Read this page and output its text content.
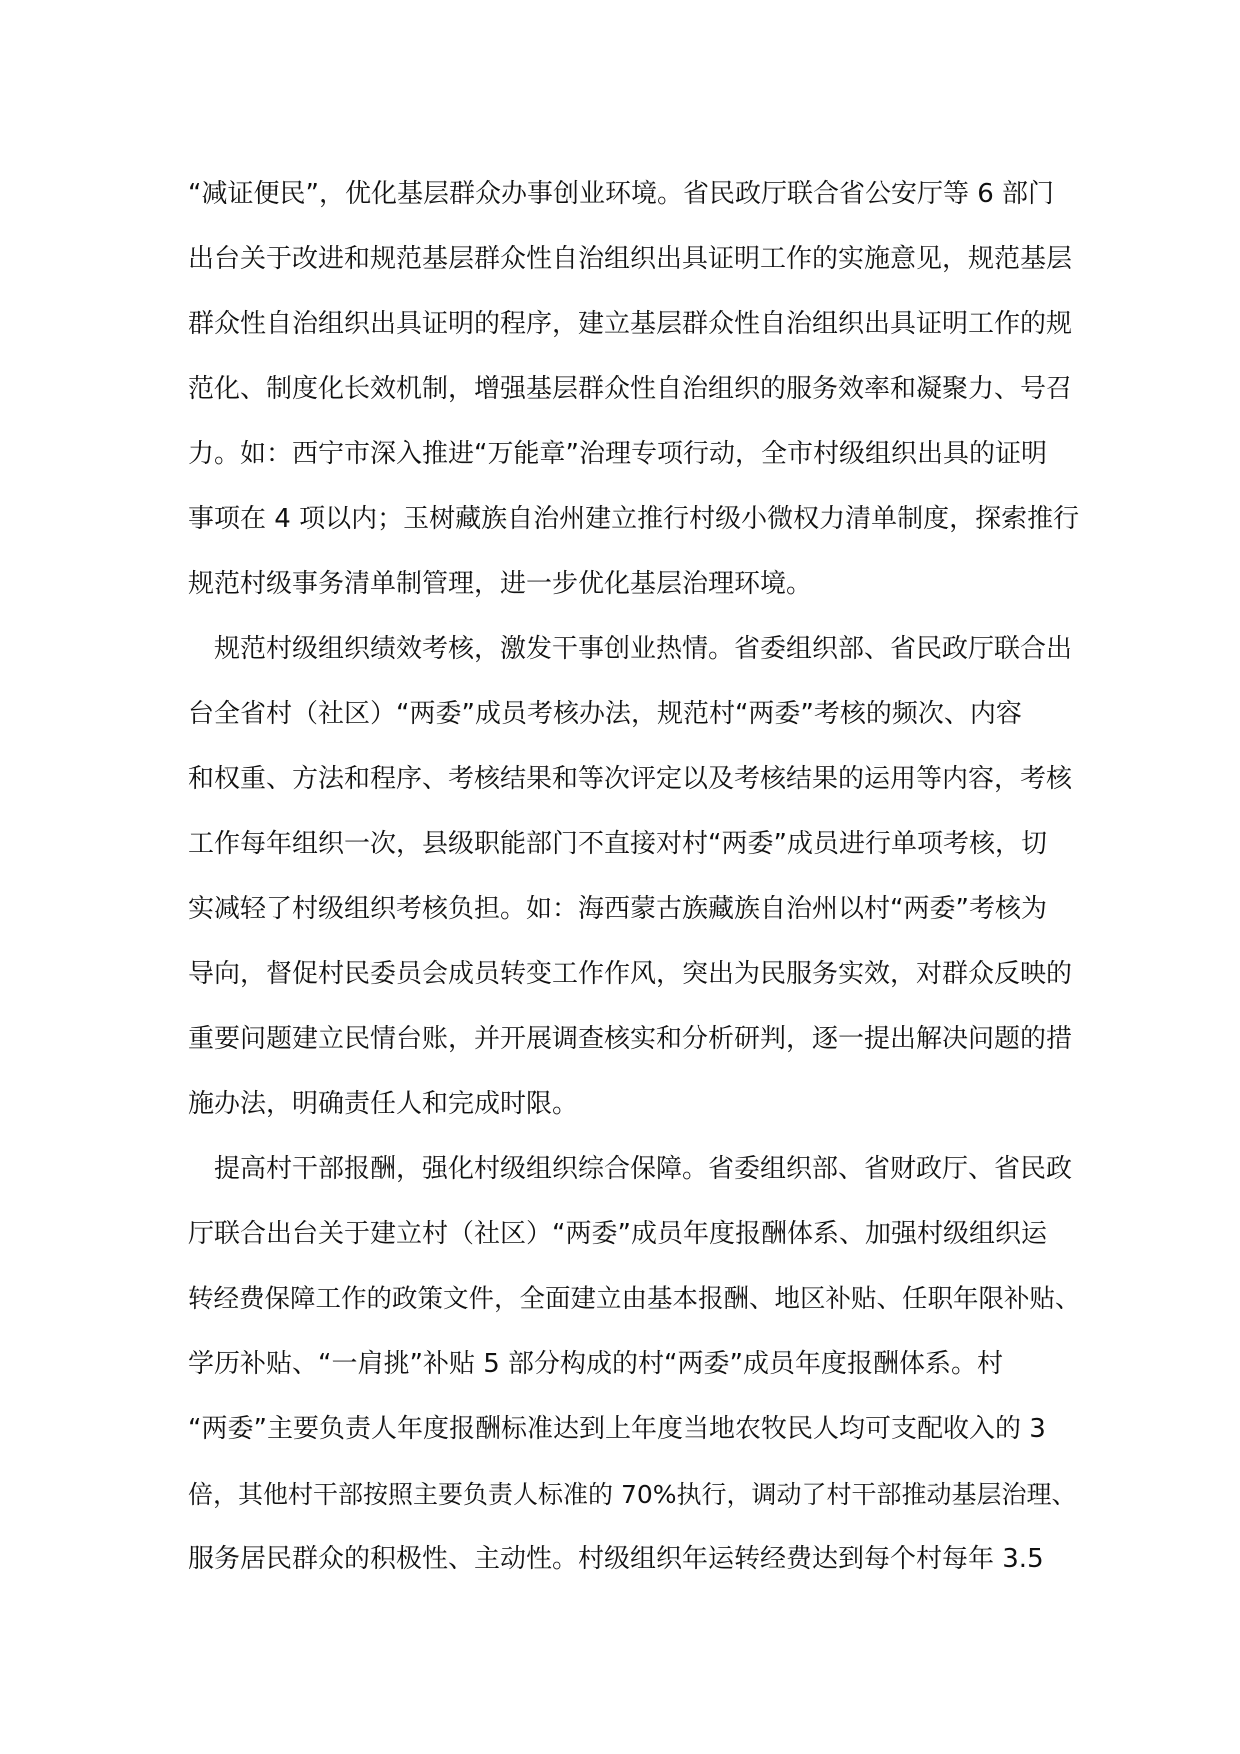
“减证便民”，优化基层群众办事创业环境。省民政厅联合省公安厅等 6 部门
出台关于改进和规范基层群众性自治组织出具证明工作的实施意见，规范基层
群众性自治组织出具证明的程序，建立基层群众性自治组织出具证明工作的规
范化、制度化长效机制，增强基层群众性自治组织的服务效率和凝聚力、号召
力。如：西宁市深入推进“万能章”治理专项行动，全市村级组织出具的证明
事项在 4 项以内；玉树藏族自治州建立推行村级小微权力清单制度，探索推行
规范村级事务清单制管理，进一步优化基层治理环境。
　规范村级组织绩效考核，激发干事创业热情。省委组织部、省民政厅联合出
台全省村（社区）“两委”成员考核办法，规范村“两委”考核的频次、内容
和权重、方法和程序、考核结果和等次评定以及考核结果的运用等内容，考核
工作每年组织一次，县级职能部门不直接对村“两委”成员进行单项考核，切
实减轻了村级组织考核负担。如：海西蒙古族藏族自治州以村“两委”考核为
导向，督促村民委员会成员转变工作作风，突出为民服务实效，对群众反映的
重要问题建立民情台账，并开展调查核实和分析研判，逐一提出解决问题的措
施办法，明确责任人和完成时限。
　提高村干部报酬，强化村级组织综合保障。省委组织部、省财政厅、省民政
厅联合出台关于建立村（社区）“两委”成员年度报酬体系、加强村级组织运
转经费保障工作的政策文件，全面建立由基本报酬、地区补贴、任职年限补贴、
学历补贴、“一肩挑”补贴 5 部分构成的村“两委”成员年度报酬体系。村
“两委”主要负责人年度报酬标准达到上年度当地农牧民人均可支配收入的 3
倍，其他村干部按照主要负责人标准的 70%执行，调动了村干部推动基层治理、
服务居民群众的积极性、主动性。村级组织年运转经费达到每个村每年 3.5
